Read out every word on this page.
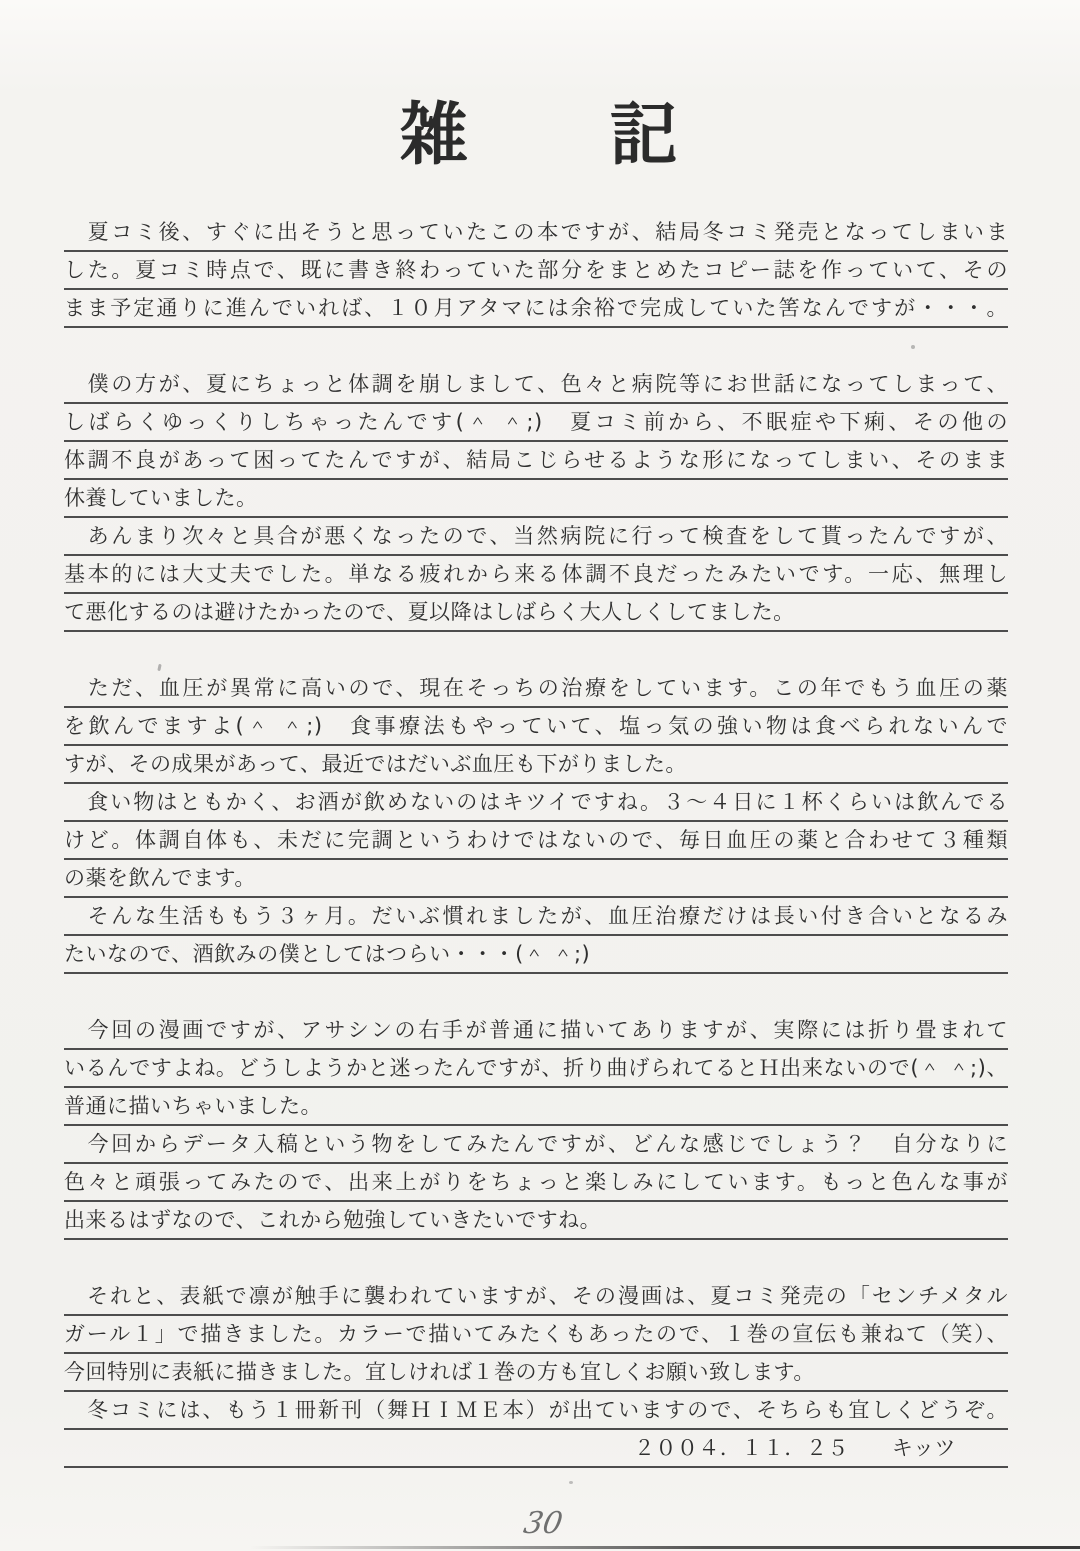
雑　　記
　夏コミ後、すぐに出そうと思っていたこの本ですが、結局冬コミ発売となってしまいま
した。夏コミ時点で、既に書き終わっていた部分をまとめたコピー誌を作っていて、その
まま予定通りに進んでいれば、１０月アタマには余裕で完成していた筈なんですが・・・。
　僕の方が、夏にちょっと体調を崩しまして、色々と病院等にお世話になってしまって、
しばらくゆっくりしちゃったんです(＾ ＾;)　夏コミ前から、不眠症や下痢、その他の
体調不良があって困ってたんですが、結局こじらせるような形になってしまい、そのまま
休養していました。
　あんまり次々と具合が悪くなったので、当然病院に行って検査をして貰ったんですが、
基本的には大丈夫でした。単なる疲れから来る体調不良だったみたいです。一応、無理し
て悪化するのは避けたかったので、夏以降はしばらく大人しくしてました。
　ただ、血圧が異常に高いので、現在そっちの治療をしています。この年でもう血圧の薬
を飲んでますよ(＾ ＾;)　食事療法もやっていて、塩っ気の強い物は食べられないんで
すが、その成果があって、最近ではだいぶ血圧も下がりました。
　食い物はともかく、お酒が飲めないのはキツイですね。３～４日に１杯くらいは飲んでる
けど。体調自体も、未だに完調というわけではないので、毎日血圧の薬と合わせて３種類
の薬を飲んでます。
　そんな生活ももう３ヶ月。だいぶ慣れましたが、血圧治療だけは長い付き合いとなるみ
たいなので、酒飲みの僕としてはつらい・・・(＾ ＾;)
　今回の漫画ですが、アサシンの右手が普通に描いてありますが、実際には折り畳まれて
いるんですよね。どうしようかと迷ったんですが、折り曲げられてるとＨ出来ないので(＾ ＾;)、
普通に描いちゃいました。
　今回からデータ入稿という物をしてみたんですが、どんな感じでしょう？　自分なりに
色々と頑張ってみたので、出来上がりをちょっと楽しみにしています。もっと色んな事が
出来るはずなので、これから勉強していきたいですね。
　それと、表紙で凛が触手に襲われていますが、その漫画は、夏コミ発売の「センチメタル
ガール１」で描きました。カラーで描いてみたくもあったので、１巻の宣伝も兼ねて（笑）、
今回特別に表紙に描きました。宜しければ１巻の方も宜しくお願い致します。
　冬コミには、もう１冊新刊（舞ＨＩＭＥ本）が出ていますので、そちらも宜しくどうぞ。
２００４．１１．２５　　キッツ
30
